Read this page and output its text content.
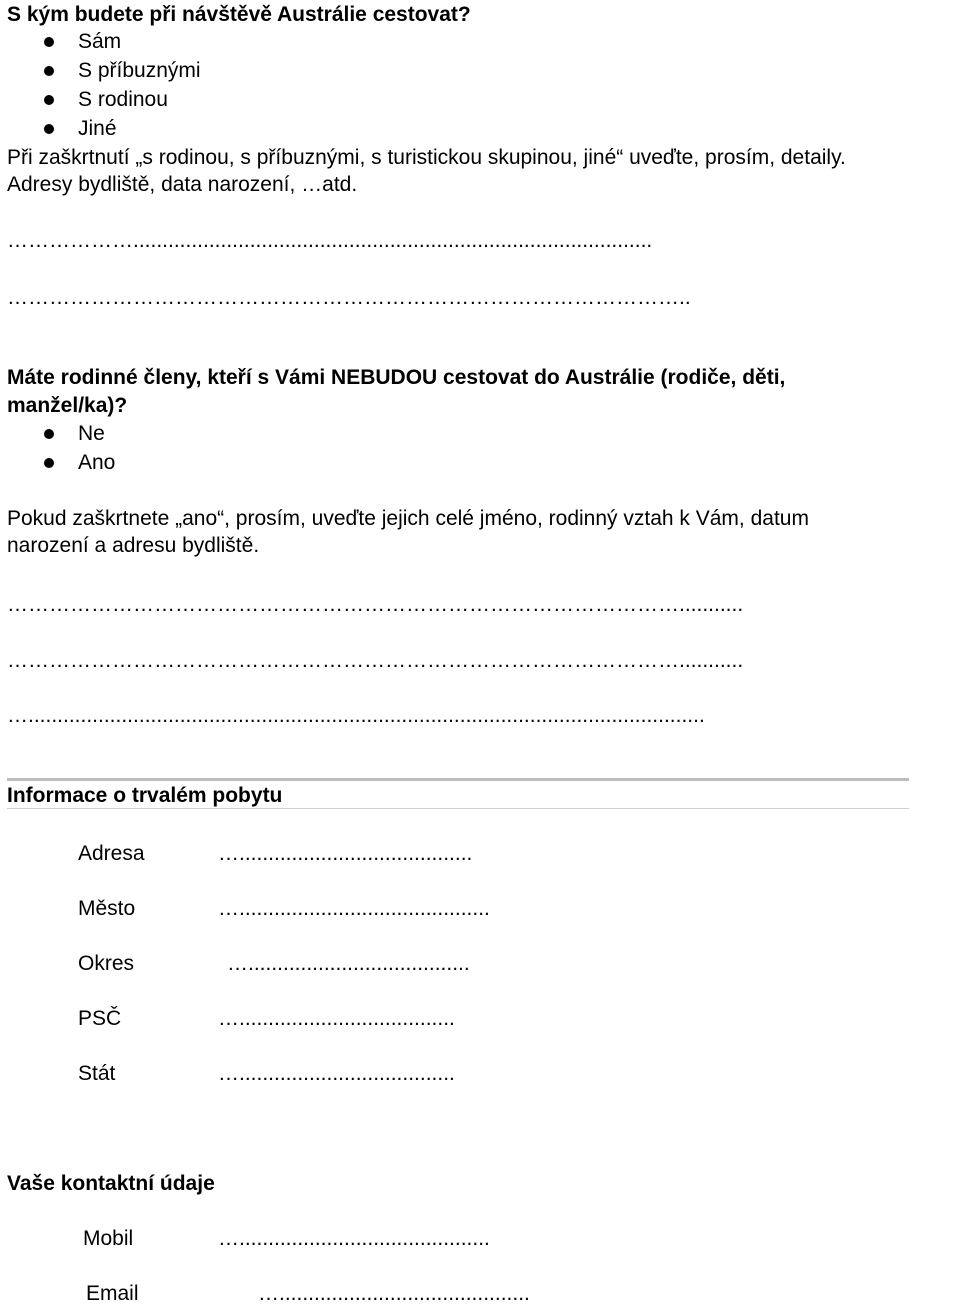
S kým budete při návštěvě Austrálie cestovat?
Sám
S příbuznými
S rodinou
Jiné
Při zaškrtnutí „s rodinou, s příbuznými, s turistickou skupinou, jiné“ uveďte, prosím, detaily.
Adresy bydliště, data narození, …atd.
……………….........................................................................................
……………………………………………………………………………………..
Máte rodinné členy, kteří s Vámi NEBUDOU cestovat do Austrálie (rodiče, děti,
manžel/ka)?
Ne
Ano
Pokud zaškrtnete „ano“, prosím, uveďte jejich celé jméno, rodinný vztah k Vám, datum
narození a adresu bydliště.
……………………………………………………………………………………...........
……………………………………………………………………………………...........
…....................................................................................................................
Informace o trvalém pobytu
Adresa	…........................................
Město	…...........................................
Okres	…......................................
PSČ	….....................................
Stát	….....................................
Vaše kontaktní údaje
Mobil	…...........................................
Email	…...........................................
